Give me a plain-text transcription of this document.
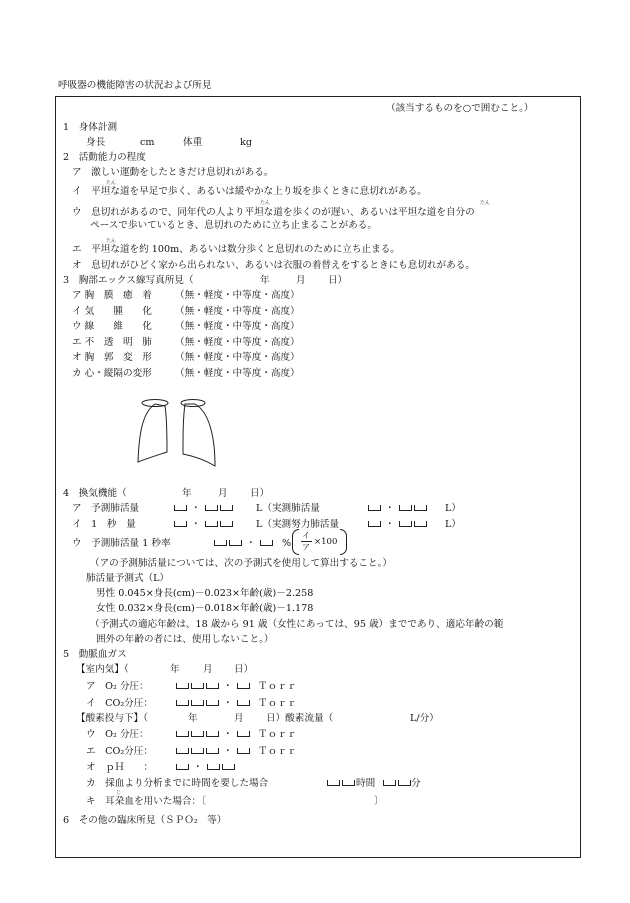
呼吸器の機能障害の状況および所見
（該当するものを○で囲むこと。）
1　身体計測
身長	cm	体重	kg
2　活動能力の程度
ア　激しい運動をしたときだけ息切れがある。
たん
イ　平坦な道を早足で歩く、あるいは緩やかな上り坂を歩くときに息切れがある。
たん	たん
ウ　息切れがあるので、同年代の人より平坦な道を歩くのが遅い、あるいは平坦な道を自分の
ペースで歩いているとき、息切れのために立ち止まることがある。
たん
エ　平坦な道を約 100m、あるいは数分歩くと息切れのために立ち止まる。
オ　息切れがひどく家から出られない、あるいは衣服の着替えをするときにも息切れがある。
3　胸部エックス線写真所見（	年	月 日）
ア 胸　膜　癒　着 （無・軽度・中等度・高度）
イ 気　　腫　　化 （無・軽度・中等度・高度）
ウ 線　　維　　化 （無・軽度・中等度・高度）
エ 不　透　明　肺 （無・軽度・中等度・高度）
オ 胸　郭　変　形 （無・軽度・中等度・高度）
カ 心・縦隔の変形 （無・軽度・中等度・高度）
4　換気機能（	年	月 日）
ア　予測肺活量	・	L（実測肺活量	・	L）
イ　1　秒　量	・	L（実測努力肺活量	・	L）
ウ　予測肺活量 1 秒率	・	%
イ
ア
×100
（アの予測肺活量については、次の予測式を使用して算出すること。）
肺活量予測式（L）
男性 0.045×身長(cm)－0.023×年齢(歳)－2.258
女性 0.032×身長(cm)－0.018×年齢(歳)－1.178
（予測式の適応年齢は、18 歳から 91 歳（女性にあっては、95 歳）までであり、適応年齢の範
囲外の年齢の者には、使用しないこと。）
5　動脈血ガス
【室内気】（	年 月 日）
ア　O₂ 分圧：	・	Ｔｏｒｒ
イ　CO₂分圧：	・	Ｔｏｒｒ
【酸素投与下】（	年	月 日）酸素流量（	L/分）
ウ　O₂ 分圧：	・	Ｔｏｒｒ
エ　CO₂分圧：	・	Ｔｏｒｒ
オ　ｐＨ　　：	・
カ　採血より分析までに時間を要した場合	時間	分
じ
キ　耳朶血を用いた場合：〔	〕
6　その他の臨床所見（ＳＰＯ₂　等）
